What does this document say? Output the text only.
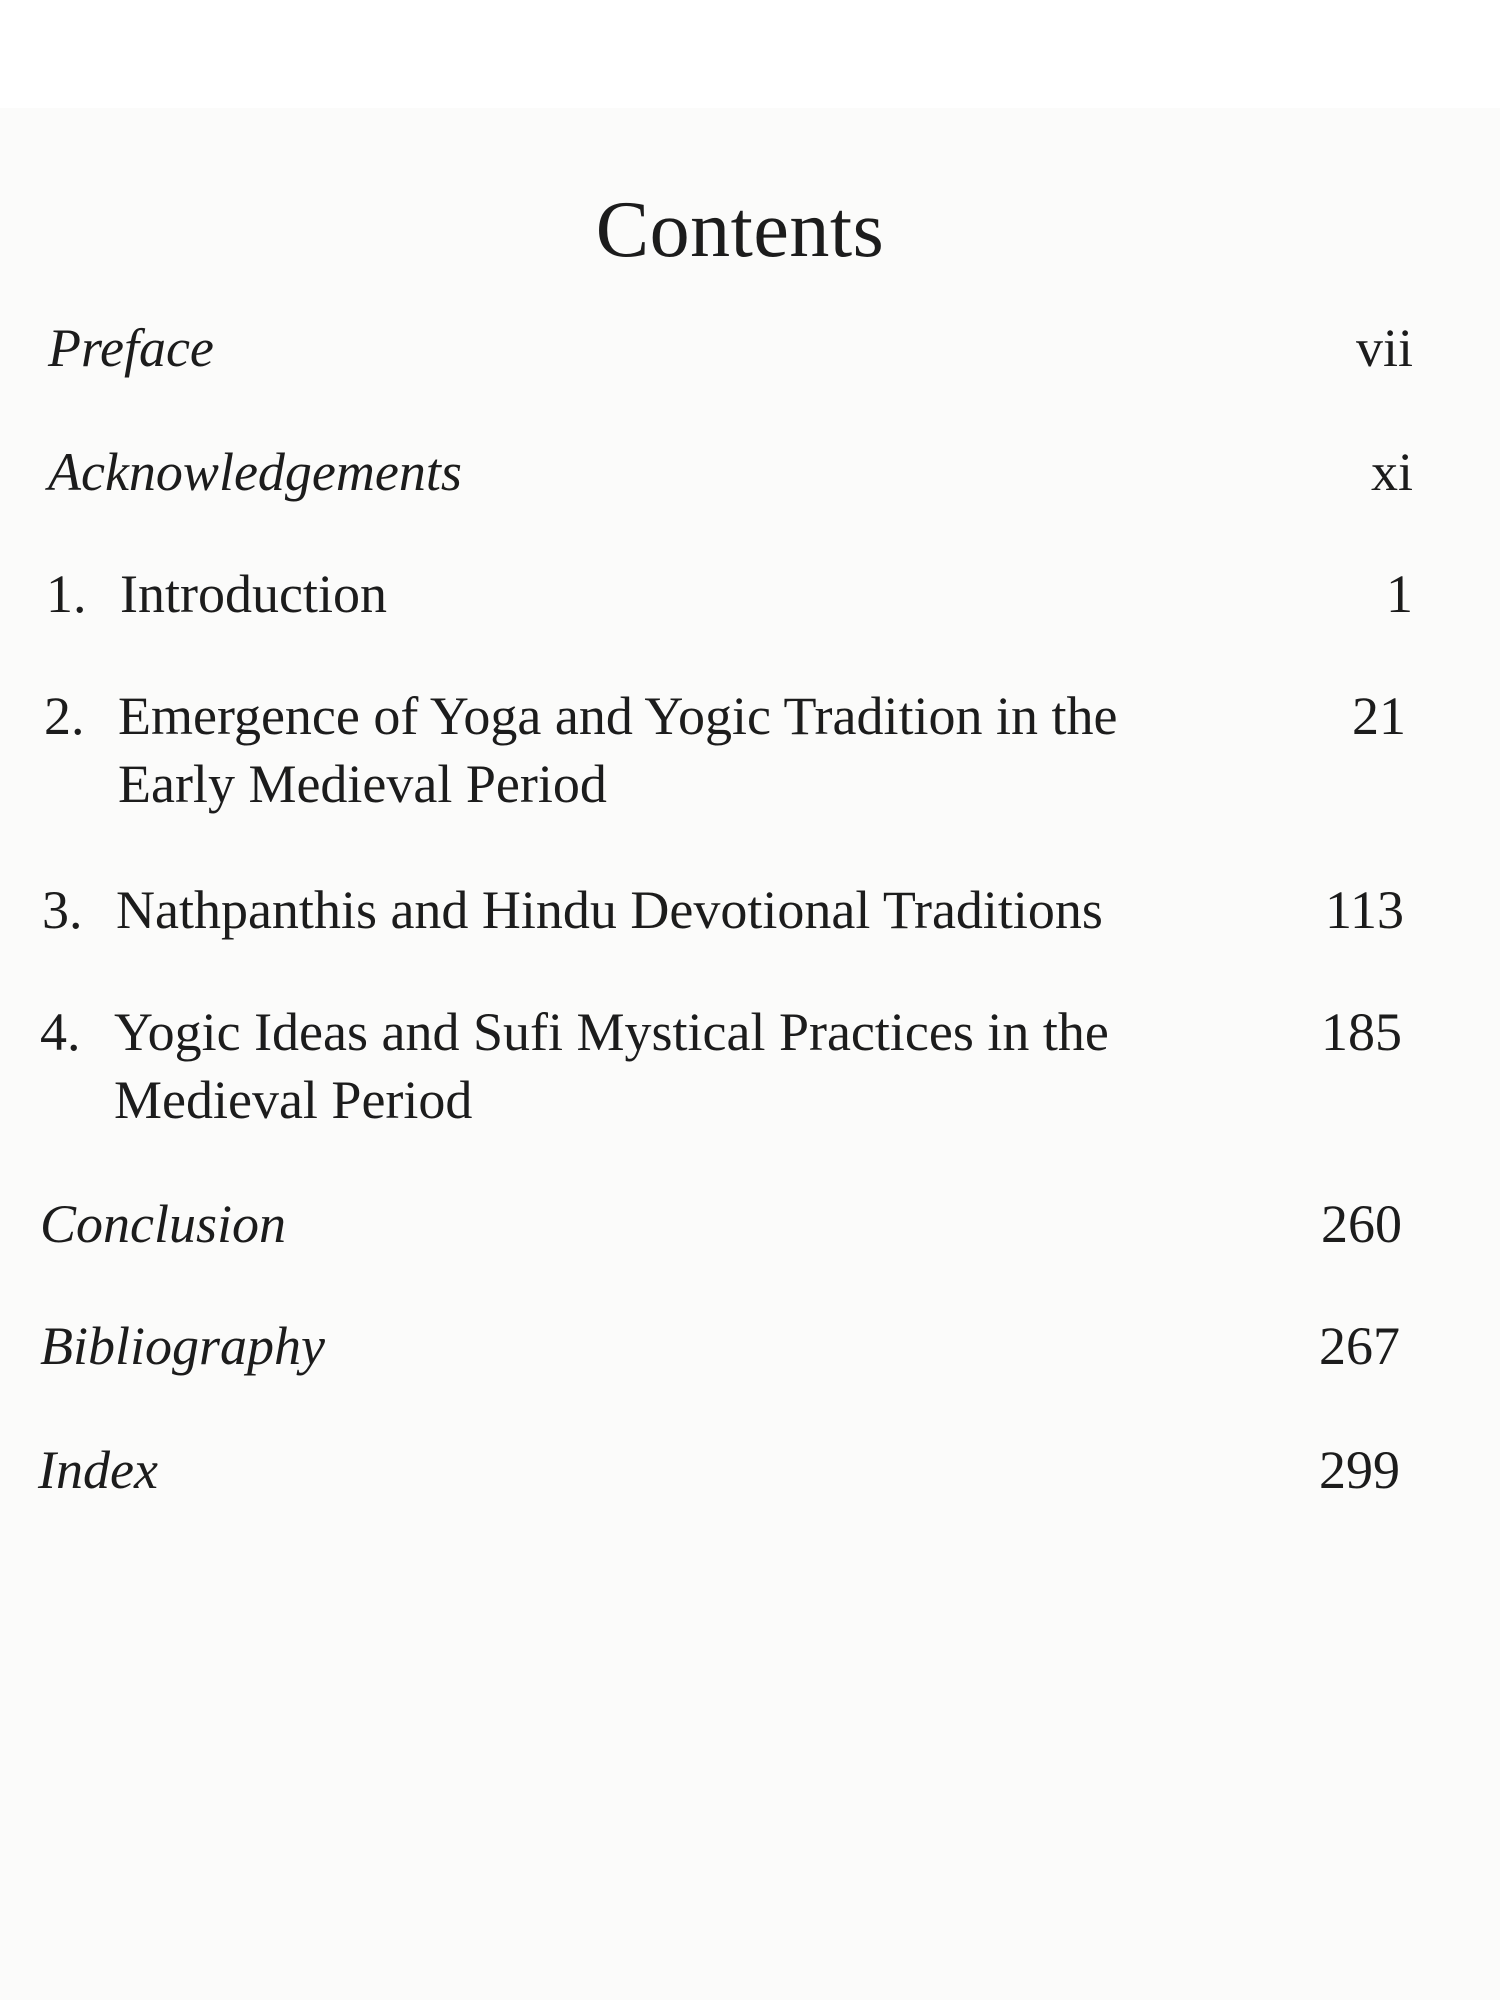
Contents
Preface	vii
Acknowledgements	xi
1. Introduction	1
2. Emergence of Yoga and Yogic Tradition in the Early Medieval Period
21
3. Nathpanthis and Hindu Devotional Traditions	113
4. Yogic Ideas and Sufi Mystical Practices in the Medieval Period
185
Conclusion	260
Bibliography	267
Index	299
